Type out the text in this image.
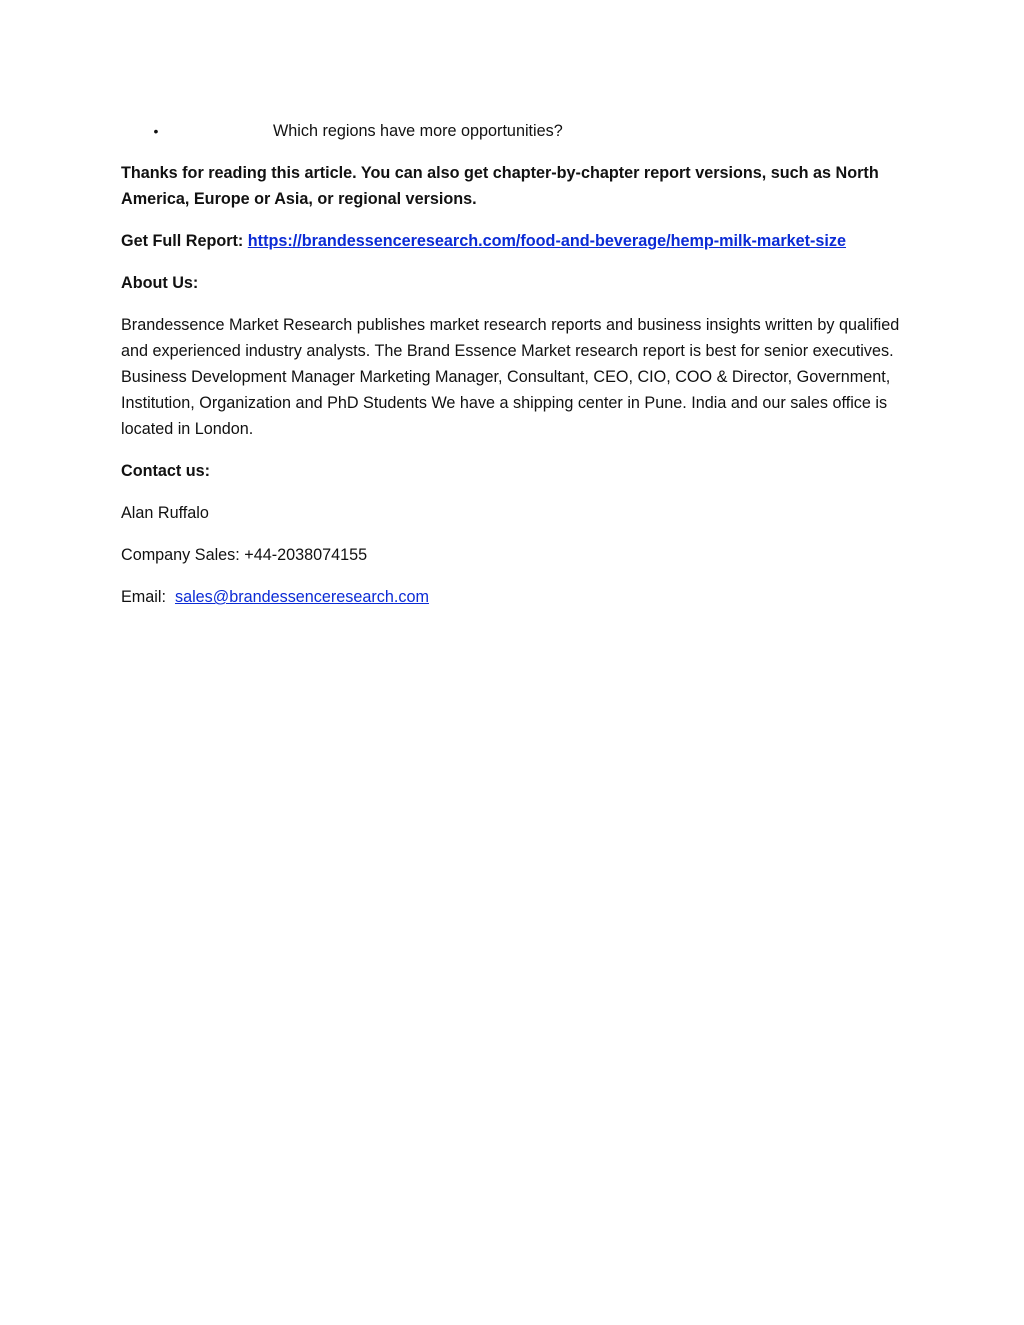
•	Which regions have more opportunities?

Thanks for reading this article. You can also get chapter-by-chapter report versions, such as North America, Europe or Asia, or regional versions.

Get Full Report: https://brandessenceresearch.com/food-and-beverage/hemp-milk-market-size

About Us:

Brandessence Market Research publishes market research reports and business insights written by qualified and experienced industry analysts. The Brand Essence Market research report is best for senior executives. Business Development Manager Marketing Manager, Consultant, CEO, CIO, COO & Director, Government, Institution, Organization and PhD Students We have a shipping center in Pune. India and our sales office is located in London.

Contact us:

Alan Ruffalo

Company Sales: +44-2038074155

Email:  sales@brandessenceresearch.com
